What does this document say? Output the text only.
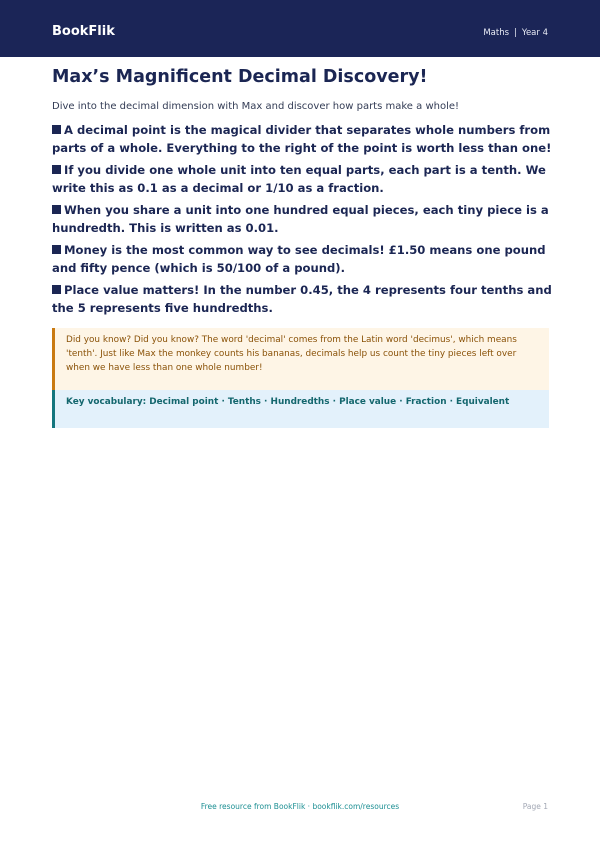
BookFlik	Maths | Year 4
Max’s Magnificent Decimal Discovery!

Dive into the decimal dimension with Max and discover how parts make a whole!

A decimal point is the magical divider that separates whole numbers from parts of a whole. Everything to the right of the point is worth less than one!
If you divide one whole unit into ten equal parts, each part is a tenth. We write this as 0.1 as a decimal or 1/10 as a fraction.
When you share a unit into one hundred equal pieces, each tiny piece is a hundredth. This is written as 0.01.
Money is the most common way to see decimals! £1.50 means one pound and fifty pence (which is 50/100 of a pound).
Place value matters! In the number 0.45, the 4 represents four tenths and the 5 represents five hundredths.
Did you know? Did you know? The word 'decimal' comes from the Latin word 'decimus', which means 'tenth'. Just like Max the monkey counts his bananas, decimals help us count the tiny pieces left over when we have less than one whole number!
Key vocabulary: Decimal point · Tenths · Hundredths · Place value · Fraction · Equivalent
Free resource from BookFlik · bookflik.com/resources	Page 1
